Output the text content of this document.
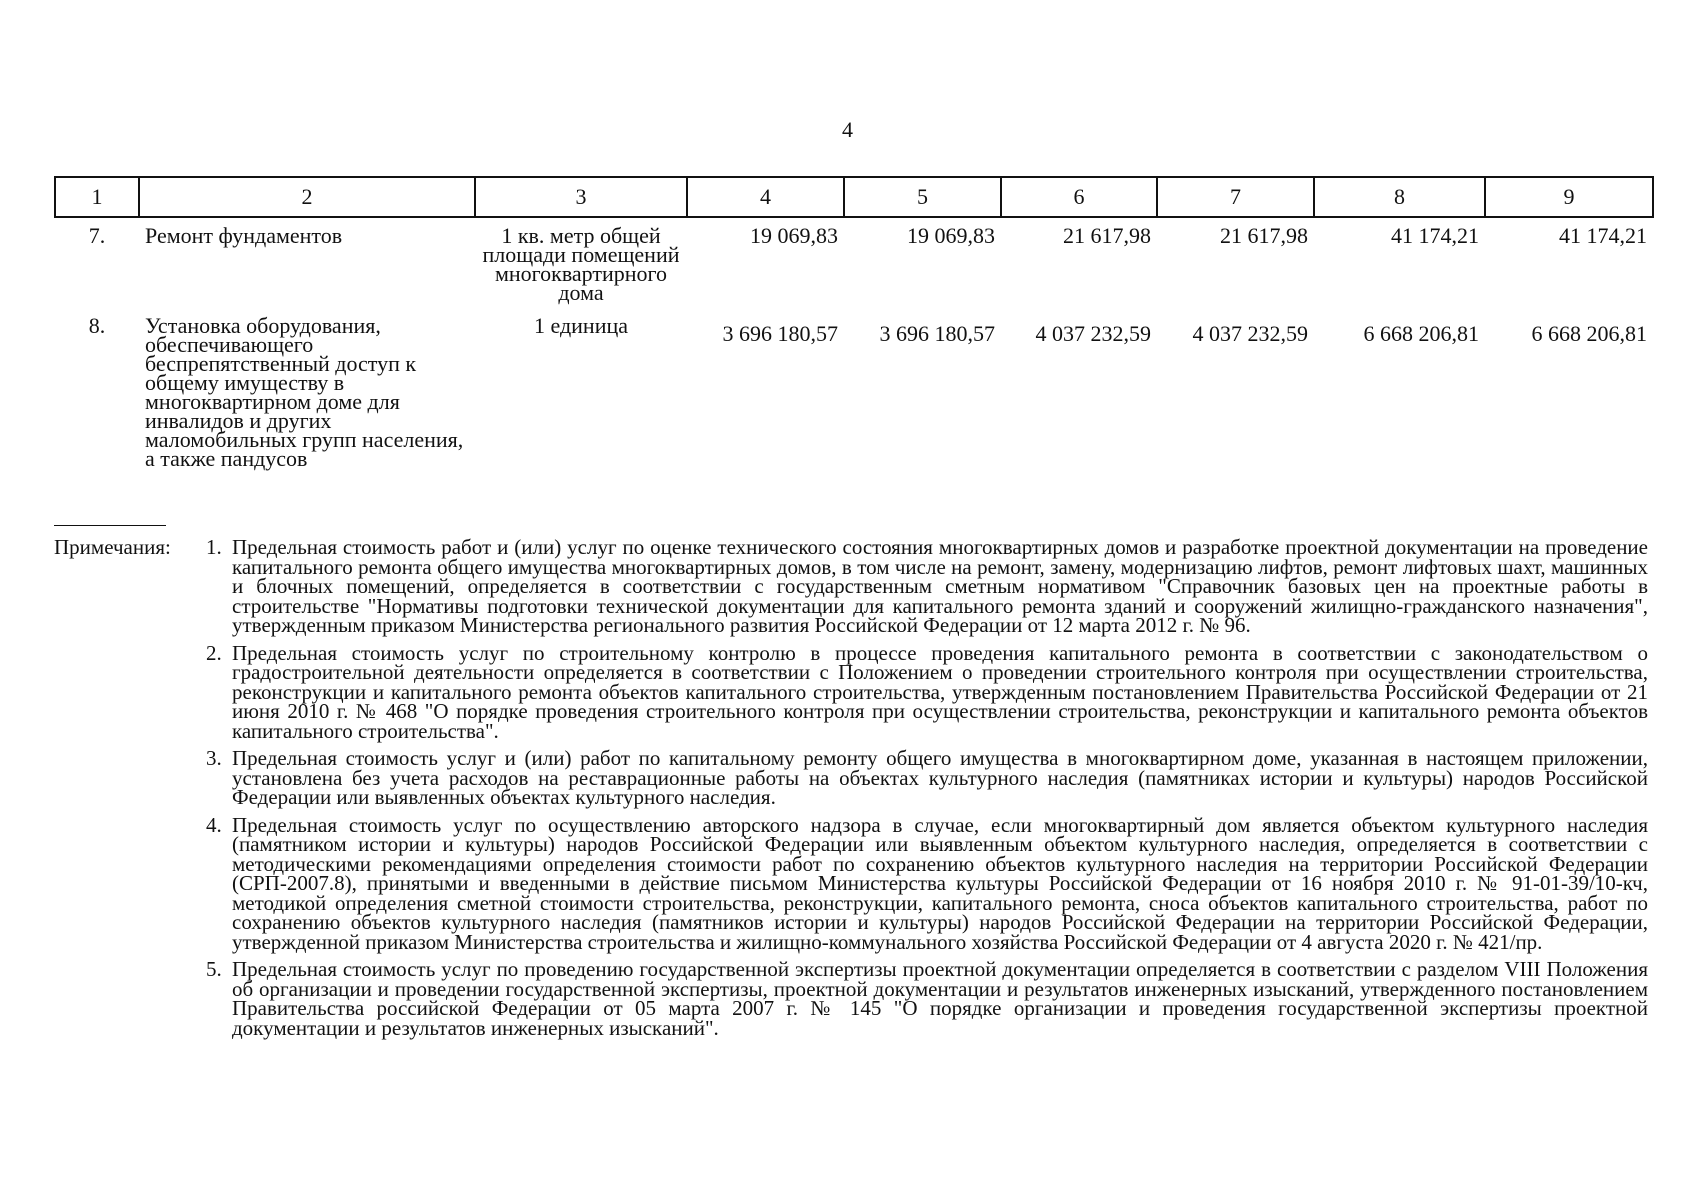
4
1	2	3	4	5	6	7	8	9
7.	Ремонт фундаментов	1 кв. метр общей площади помещений многоквартирного дома	19 069,83	19 069,83	21 617,98	21 617,98	41 174,21	41 174,21
8.	Установка оборудования, обеспечивающего беспрепятственный доступ к общему имуществу в многоквартирном доме для инвалидов и других маломобильных групп населения, а также пандусов	1 единица	3 696 180,57	3 696 180,57	4 037 232,59	4 037 232,59	6 668 206,81	6 668 206,81
Примечания: 1. Предельная стоимость работ и (или) услуг по оценке технического состояния многоквартирных домов и разработке проектной документации на проведение капитального ремонта общего имущества многоквартирных домов, в том числе на ремонт, замену, модернизацию лифтов, ремонт лифтовых шахт, машинных и блочных помещений, определяется в соответствии с государственным сметным нормативом "Справочник базовых цен на проектные работы в строительстве "Нормативы подготовки технической документации для капитального ремонта зданий и сооружений жилищно-гражданского назначения", утвержденным приказом Министерства регионального развития Российской Федерации от 12 марта 2012 г. № 96.
2. Предельная стоимость услуг по строительному контролю в процессе проведения капитального ремонта в соответствии с законодательством о градостроительной деятельности определяется в соответствии с Положением о проведении строительного контроля при осуществлении строительства, реконструкции и капитального ремонта объектов капитального строительства, утвержденным постановлением Правительства Российской Федерации от 21 июня 2010 г. № 468 "О порядке проведения строительного контроля при осуществлении строительства, реконструкции и капитального ремонта объектов капитального строительства".
3. Предельная стоимость услуг и (или) работ по капитальному ремонту общего имущества в многоквартирном доме, указанная в настоящем приложении, установлена без учета расходов на реставрационные работы на объектах культурного наследия (памятниках истории и культуры) народов Российской Федерации или выявленных объектах культурного наследия.
4. Предельная стоимость услуг по осуществлению авторского надзора в случае, если многоквартирный дом является объектом культурного наследия (памятником истории и культуры) народов Российской Федерации или выявленным объектом культурного наследия, определяется в соответствии с методическими рекомендациями определения стоимости работ по сохранению объектов культурного наследия на территории Российской Федерации (СРП-2007.8), принятыми и введенными в действие письмом Министерства культуры Российской Федерации от 16 ноября 2010 г. № 91-01-39/10-кч, методикой определения сметной стоимости строительства, реконструкции, капитального ремонта, сноса объектов капитального строительства, работ по сохранению объектов культурного наследия (памятников истории и культуры) народов Российской Федерации на территории Российской Федерации, утвержденной приказом Министерства строительства и жилищно-коммунального хозяйства Российской Федерации от 4 августа 2020 г. № 421/пр.
5. Предельная стоимость услуг по проведению государственной экспертизы проектной документации определяется в соответствии с разделом VIII Положения об организации и проведении государственной экспертизы, проектной документации и результатов инженерных изысканий, утвержденного постановлением Правительства российской Федерации от 05 марта 2007 г. № 145 "О порядке организации и проведения государственной экспертизы проектной документации и результатов инженерных изысканий".
